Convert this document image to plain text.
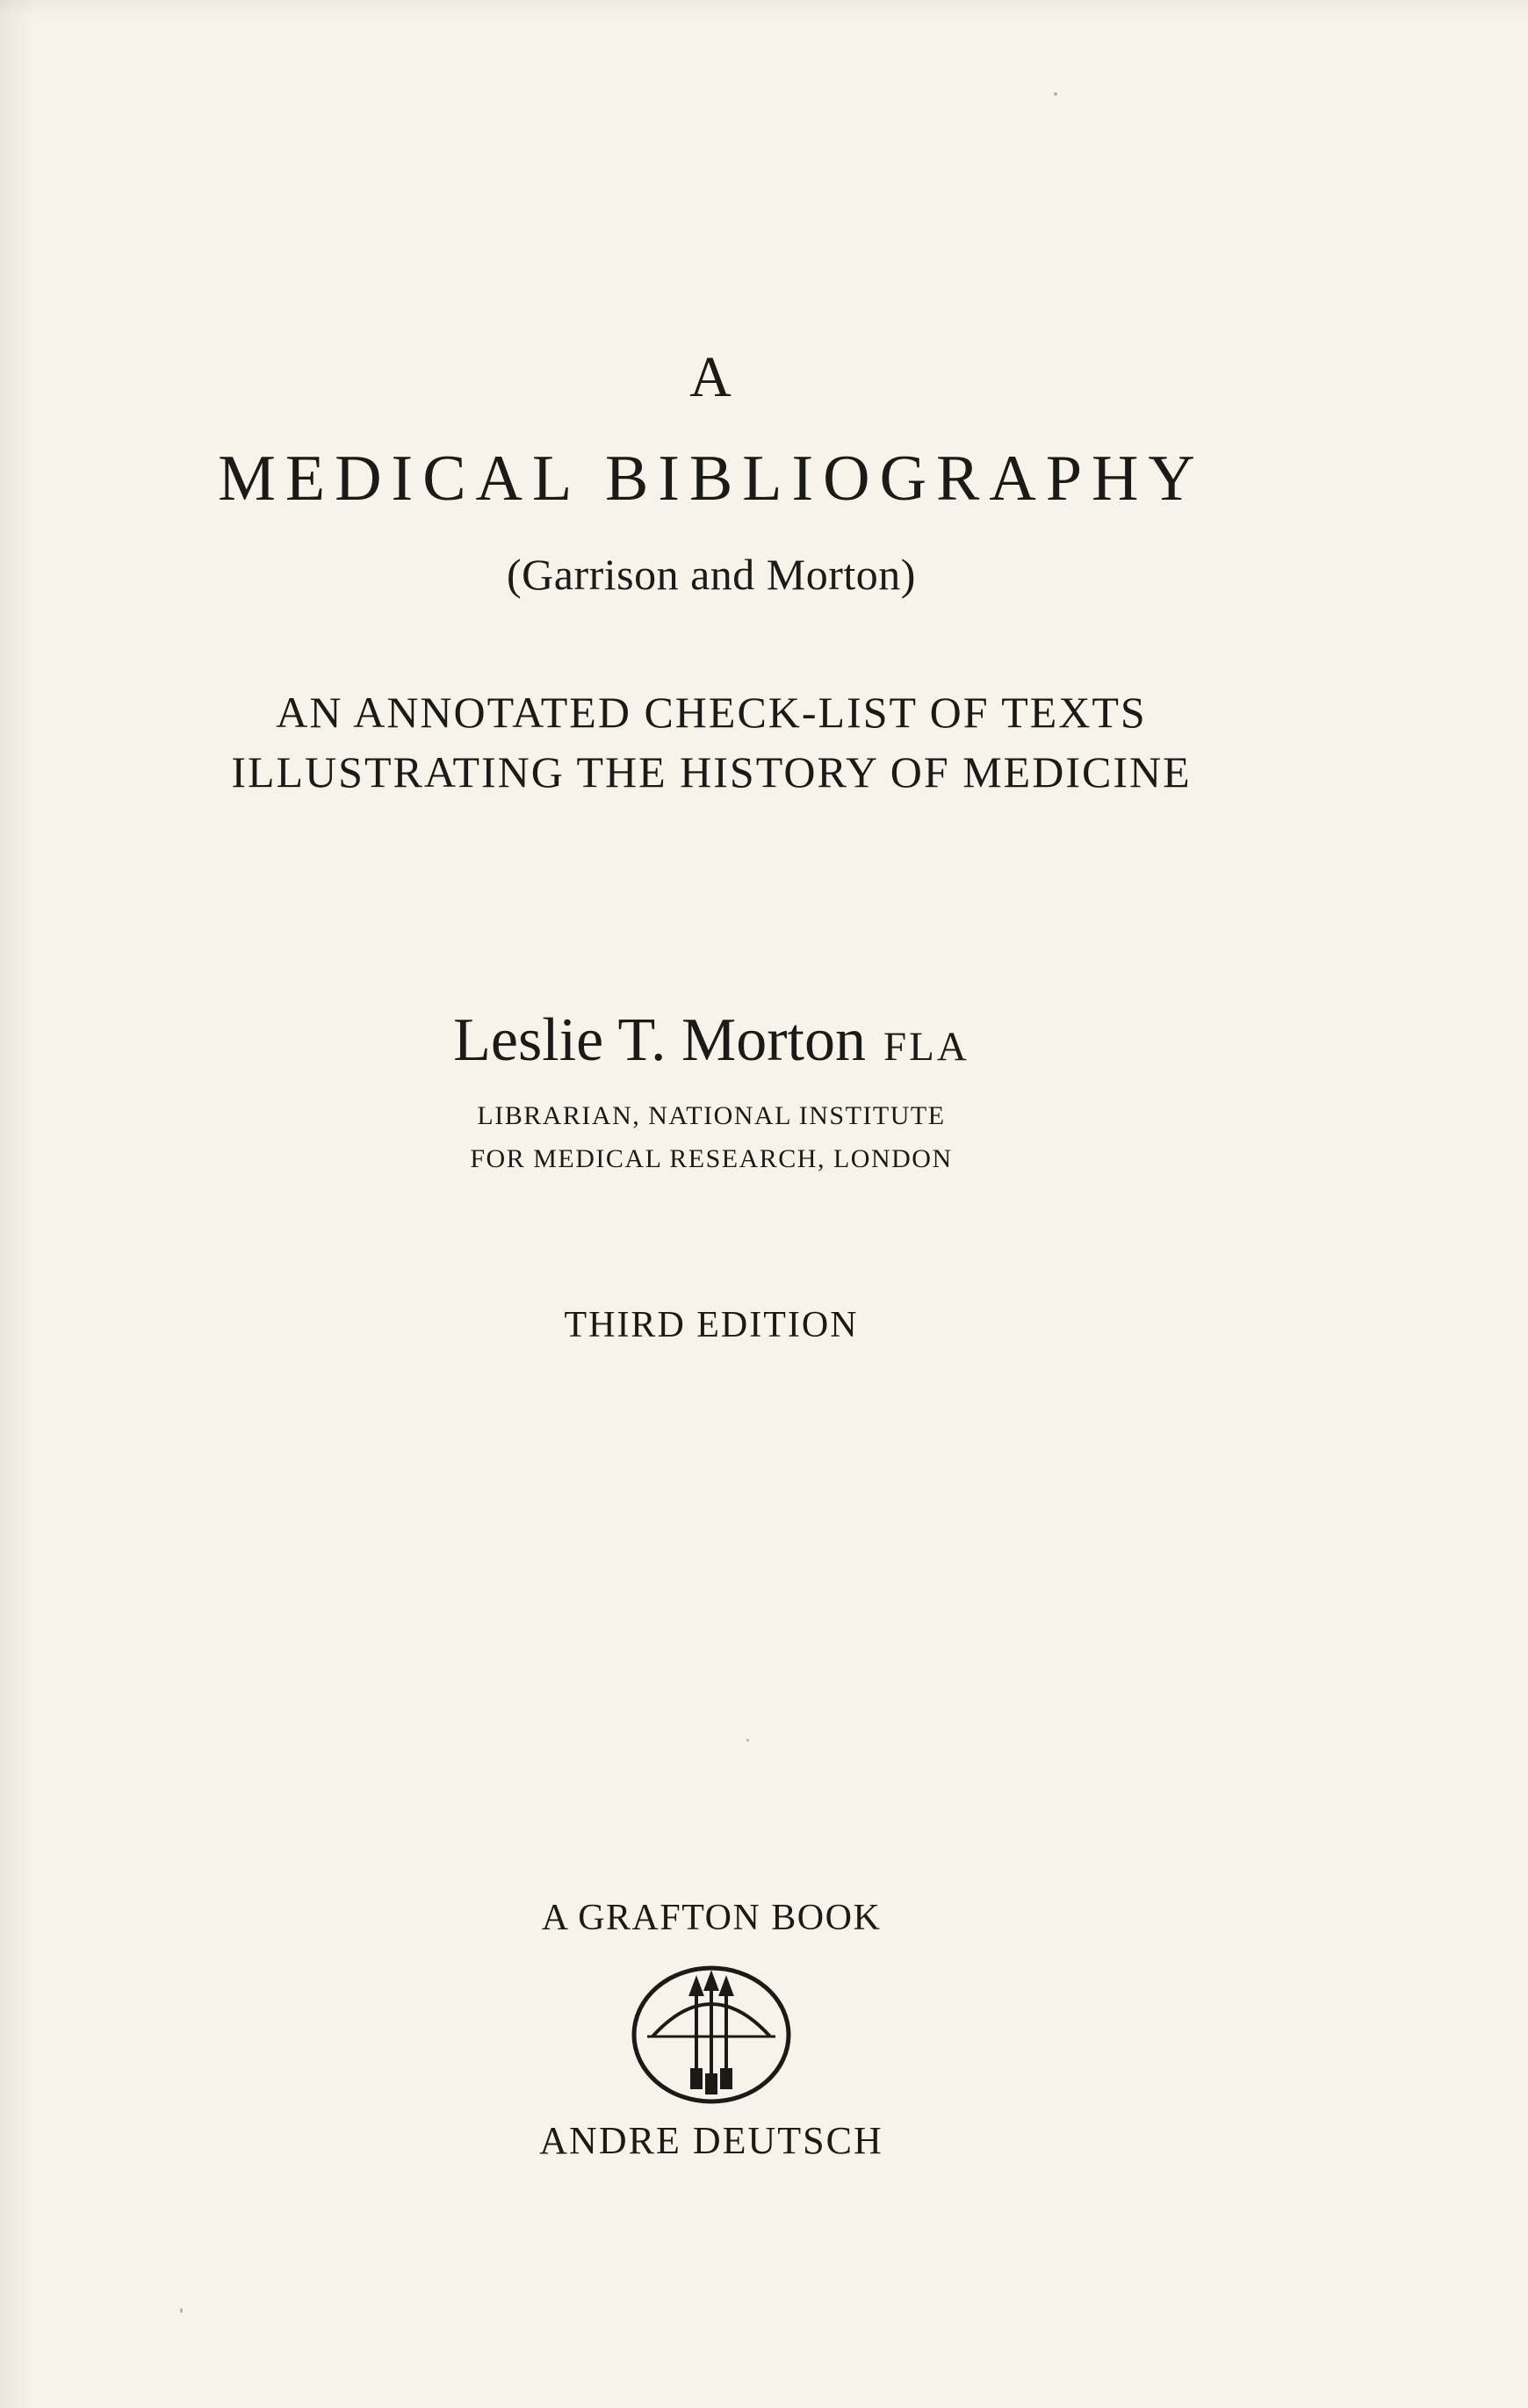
A
MEDICAL BIBLIOGRAPHY
(Garrison and Morton)
AN ANNOTATED CHECK-LIST OF TEXTS
ILLUSTRATING THE HISTORY OF MEDICINE
Leslie T. Morton FLA
LIBRARIAN, NATIONAL INSTITUTE
FOR MEDICAL RESEARCH, LONDON
THIRD EDITION
A GRAFTON BOOK
ANDRE DEUTSCH
